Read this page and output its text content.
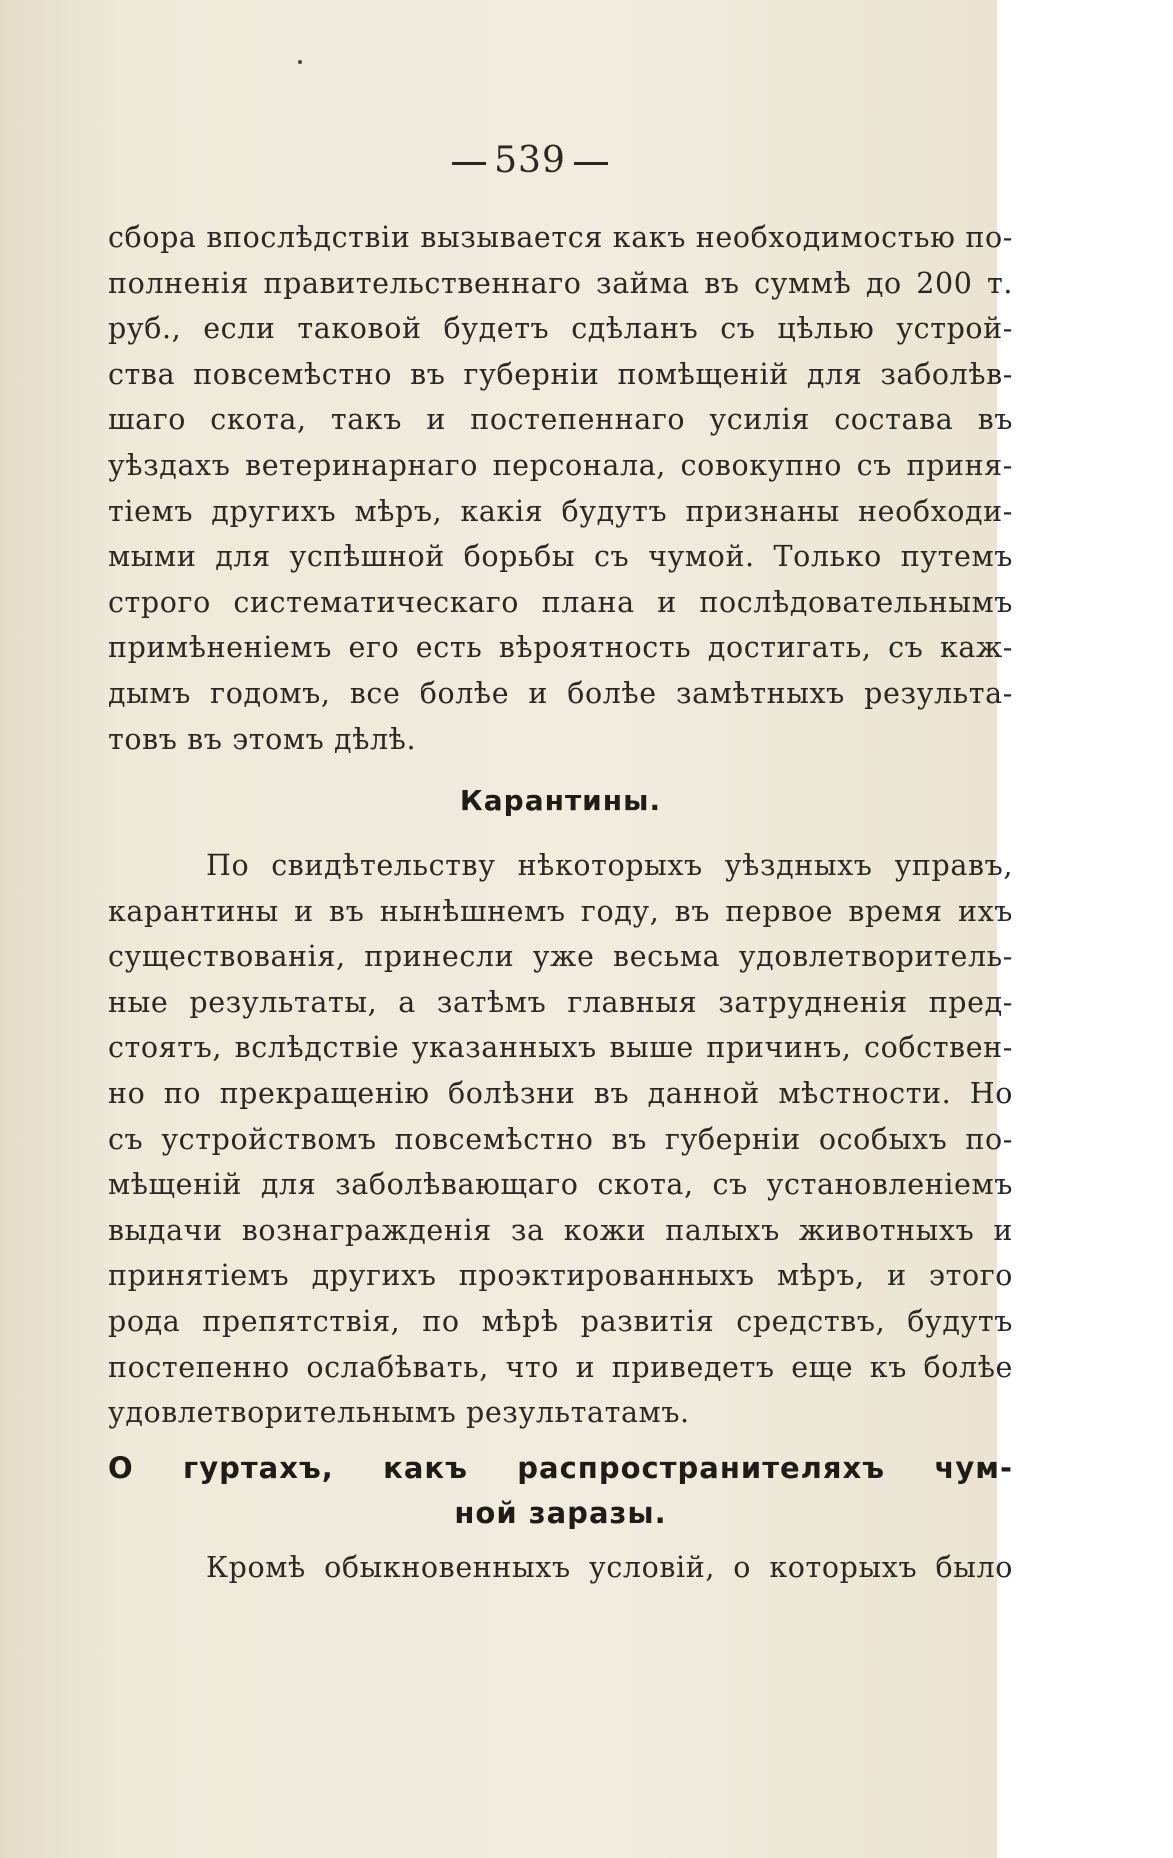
539
сбора впослѣдствіи вызывается какъ необходимостью по-
полненія правительственнаго займа въ суммѣ до 200 т.
руб., если таковой будетъ сдѣланъ съ цѣлью устрой-
ства повсемѣстно въ губерніи помѣщеній для заболѣв-
шаго скота, такъ и постепеннаго усилія состава въ
уѣздахъ ветеринарнаго персонала, совокупно съ приня-
тіемъ другихъ мѣръ, какія будутъ признаны необходи-
мыми для успѣшной борьбы съ чумой. Только путемъ
строго систематическаго плана и послѣдовательнымъ
примѣненіемъ его есть вѣроятность достигать, съ каж-
дымъ годомъ, все болѣе и болѣе замѣтныхъ результа-
товъ въ этомъ дѣлѣ.
Карантины.
По свидѣтельству нѣкоторыхъ уѣздныхъ управъ,
карантины и въ нынѣшнемъ году, въ первое время ихъ
существованія, принесли уже весьма удовлетворитель-
ные результаты, а затѣмъ главныя затрудненія пред-
стоятъ, вслѣдствіе указанныхъ выше причинъ, собствен-
но по прекращенію болѣзни въ данной мѣстности. Но
съ устройствомъ повсемѣстно въ губерніи особыхъ по-
мѣщеній для заболѣвающаго скота, съ установленіемъ
выдачи вознагражденія за кожи палыхъ животныхъ и
принятіемъ другихъ проэктированныхъ мѣръ, и этого
рода препятствія, по мѣрѣ развитія средствъ, будутъ
постепенно ослабѣвать, что и приведетъ еще къ болѣе
удовлетворительнымъ результатамъ.
О гуртахъ, какъ распространителяхъ чум-
ной заразы.
Кромѣ обыкновенныхъ условій, о которыхъ было
